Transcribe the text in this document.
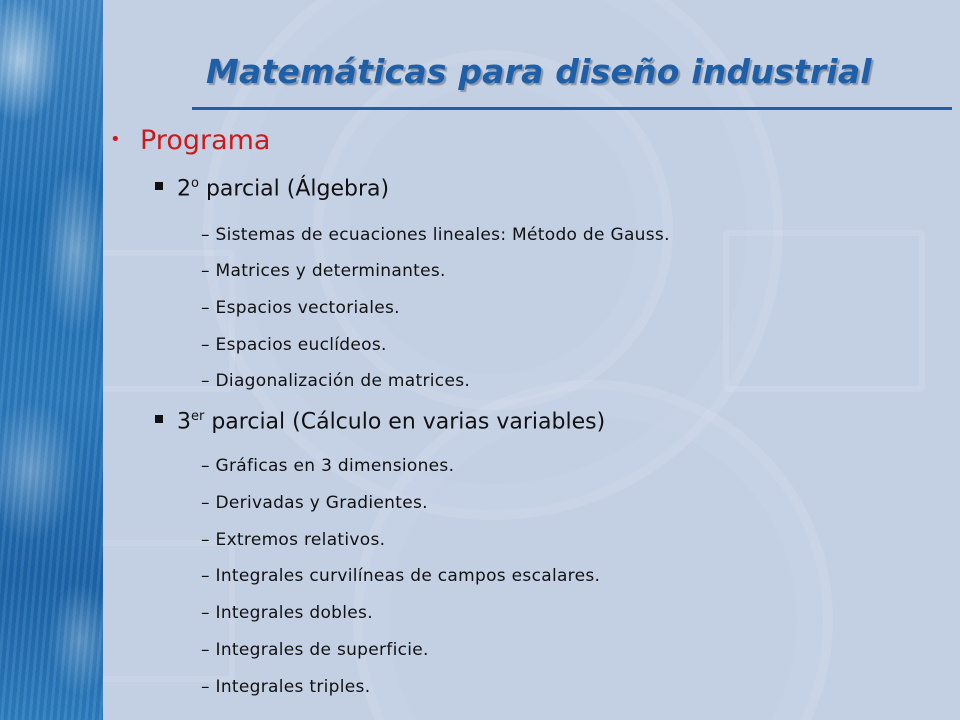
Matemáticas para diseño industrial
• Programa
2$^o$ parcial (Álgebra)
– Sistemas de ecuaciones lineales: Método de Gauss.
– Matrices y determinantes.
– Espacios vectoriales.
– Espacios euclídeos.
– Diagonalización de matrices.
3er parcial (Cálculo en varias variables)
– Gráficas en 3 dimensiones.
– Derivadas y Gradientes.
– Extremos relativos.
– Integrales curvilíneas de campos escalares.
– Integrales dobles.
– Integrales de superficie.
– Integrales triples.
